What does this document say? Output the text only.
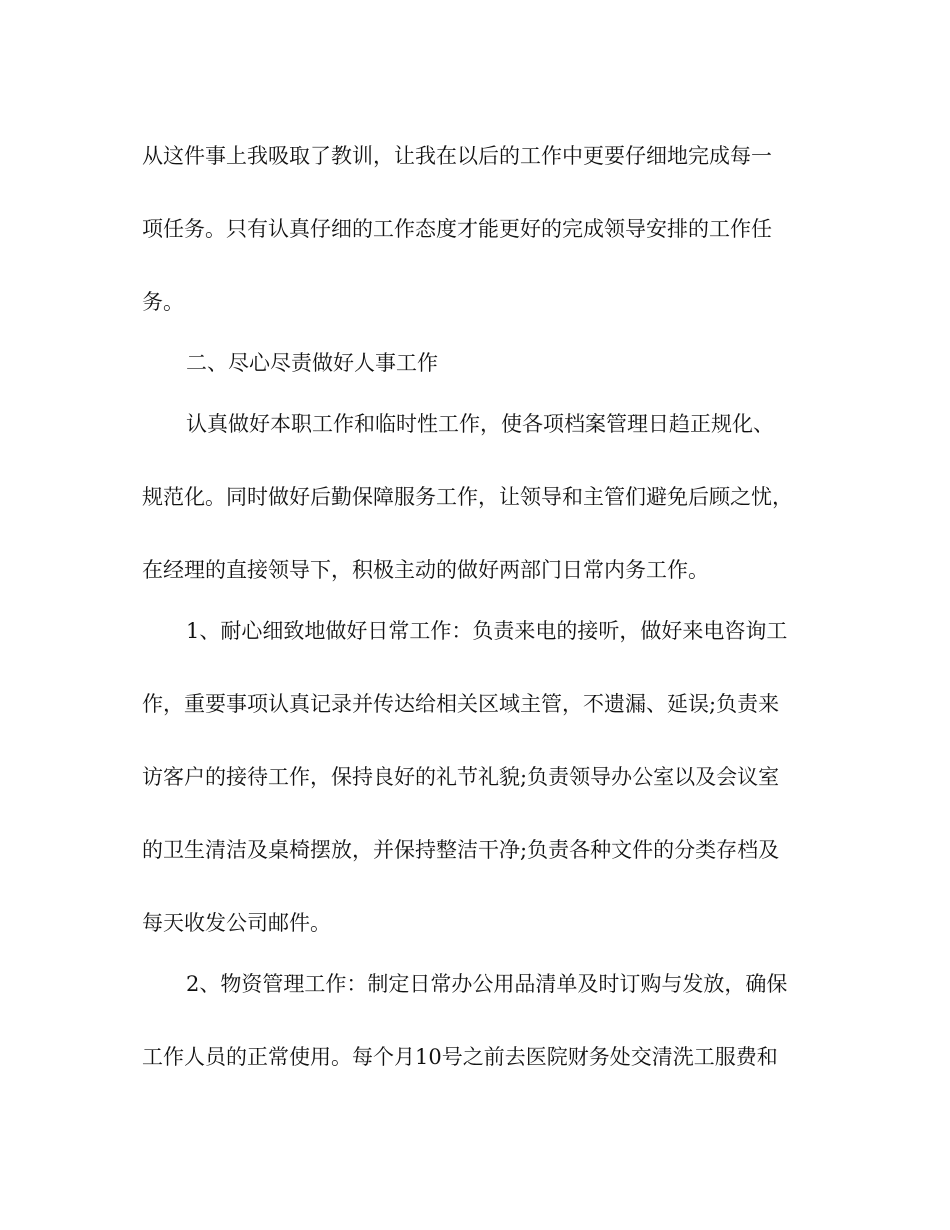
从这件事上我吸取了教训，让我在以后的工作中更要仔细地完成每一

项任务。只有认真仔细的工作态度才能更好的完成领导安排的工作任

务。

二、尽心尽责做好人事工作

认真做好本职工作和临时性工作，使各项档案管理日趋正规化、

规范化。同时做好后勤保障服务工作，让领导和主管们避免后顾之忧，

在经理的直接领导下，积极主动的做好两部门日常内务工作。

1、耐心细致地做好日常工作：负责来电的接听，做好来电咨询工

作，重要事项认真记录并传达给相关区域主管，不遗漏、延误;负责来

访客户的接待工作，保持良好的礼节礼貌;负责领导办公室以及会议室

的卫生清洁及桌椅摆放，并保持整洁干净;负责各种文件的分类存档及

每天收发公司邮件。

2、物资管理工作：制定日常办公用品清单及时订购与发放，确保

工作人员的正常使用。每个月10号之前去医院财务处交清洗工服费和
